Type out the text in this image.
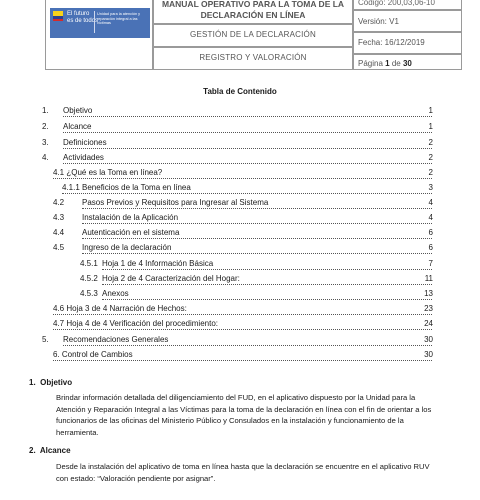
El futuro
es de todos
Unidad para la atención y reparación integral a las víctimas
MANUAL OPERATIVO PARA LA TOMA DE LA DECLARACIÓN EN LÍNEA
GESTIÓN DE LA DECLARACIÓN
REGISTRO Y VALORACIÓN
Código: 200,03,06-10
Versión: V1
Fecha: 16/12/2019
Página 1 de 30
Tabla de Contenido
1. Objetivo	1
2. Alcance	1
3. Definiciones	2
4. Actividades	2
4.1 ¿Qué es la Toma en línea?	2
4.1.1 Beneficios de la Toma en línea	3
4.2 Pasos Previos y Requisitos para Ingresar al Sistema	4
4.3 Instalación de la Aplicación	4
4.4 Autenticación en el sistema	6
4.5 Ingreso de la declaración	6
4.5.1 Hoja 1 de 4 Información Básica	7
4.5.2 Hoja 2 de 4 Caracterización del Hogar:	11
4.5.3 Anexos	13
4.6 Hoja 3 de 4 Narración de Hechos:	23
4.7 Hoja 4 de 4 Verificación del procedimiento:	24
5. Recomendaciones Generales	30
6. Control de Cambios	30
1. Objetivo
Brindar información detallada del diligenciamiento del FUD, en el aplicativo dispuesto por la Unidad para la Atención y Reparación Integral a las Víctimas para la toma de la declaración en línea con el fin de orientar a los funcionarios de las oficinas del Ministerio Público y Consulados en la instalación y funcionamiento de la herramienta.
2. Alcance
Desde la instalación del aplicativo de toma en línea hasta que la declaración se encuentre en el aplicativo RUV con estado: “Valoración pendiente por asignar”.
